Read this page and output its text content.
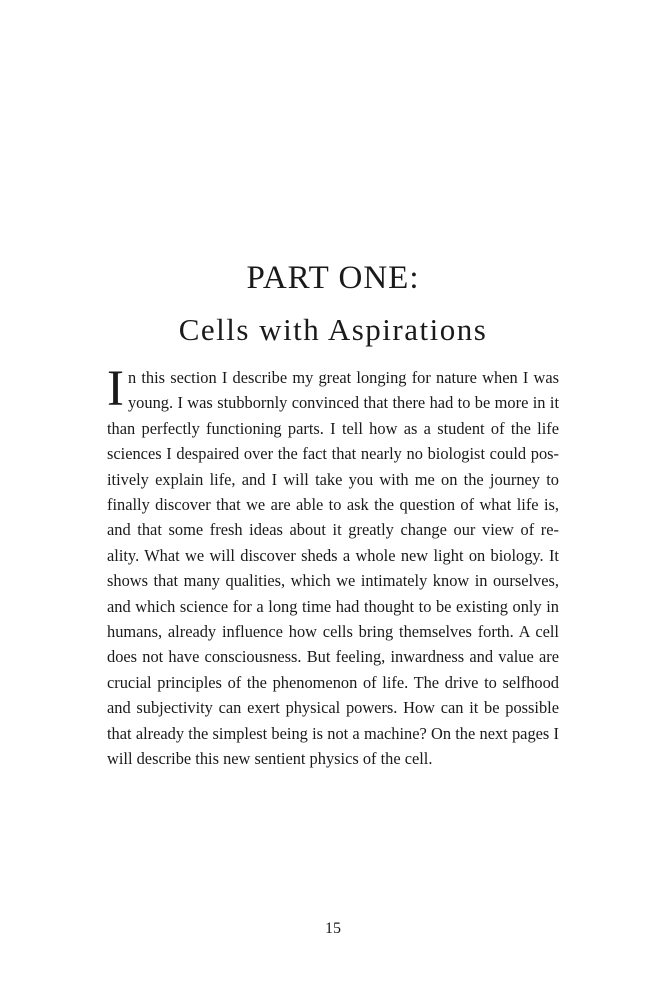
PART ONE:
Cells with Aspirations

In this section I describe my great longing for nature when I was young. I was stubbornly convinced that there had to be more in it than perfectly functioning parts. I tell how as a student of the life sciences I despaired over the fact that nearly no biologist could pos-itively explain life, and I will take you with me on the journey to finally discover that we are able to ask the question of what life is, and that some fresh ideas about it greatly change our view of re-ality. What we will discover sheds a whole new light on biology. It shows that many qualities, which we intimately know in ourselves, and which science for a long time had thought to be existing only in humans, already influence how cells bring themselves forth. A cell does not have consciousness. But feeling, inwardness and value are crucial principles of the phenomenon of life. The drive to selfhood and subjectivity can exert physical powers. How can it be possible that already the simplest being is not a machine? On the next pages I will describe this new sentient physics of the cell.

15
